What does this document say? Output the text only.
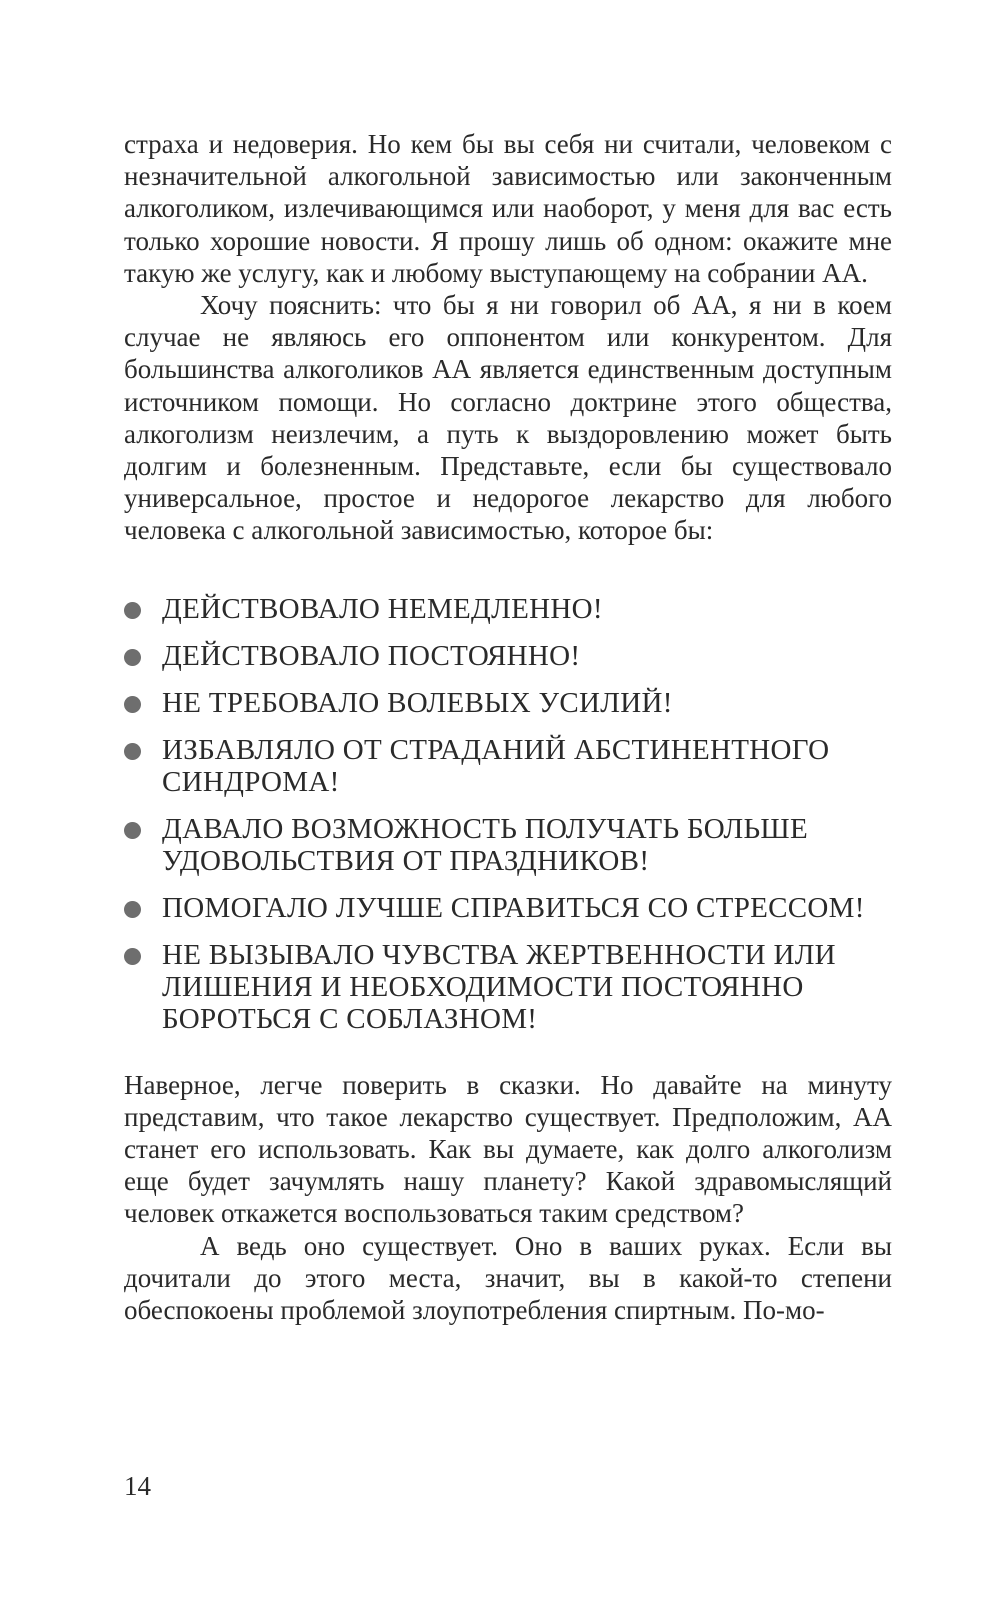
страха и недоверия. Но кем бы вы себя ни считали, человеком с незначительной алкогольной зависимостью или законченным алкоголиком, излечивающимся или наоборот, у меня для вас есть только хорошие новости. Я прошу лишь об одном: окажите мне такую же услугу, как и любому выступающему на собрании АА.

Хочу пояснить: что бы я ни говорил об АА, я ни в коем случае не являюсь его оппонентом или конкурентом. Для большинства алкоголиков АА является единственным доступным источником помощи. Но согласно доктрине этого общества, алкоголизм неизлечим, а путь к выздоровлению может быть долгим и болезненным. Представьте, если бы существовало универсальное, простое и недорогое лекарство для любого человека с алкогольной зависимостью, которое бы:

ДЕЙСТВОВАЛО НЕМЕДЛЕННО!
ДЕЙСТВОВАЛО ПОСТОЯННО!
НЕ ТРЕБОВАЛО ВОЛЕВЫХ УСИЛИЙ!
ИЗБАВЛЯЛО ОТ СТРАДАНИЙ АБСТИНЕНТНОГО СИНДРОМА!
ДАВАЛО ВОЗМОЖНОСТЬ ПОЛУЧАТЬ БОЛЬШЕ УДОВОЛЬСТВИЯ ОТ ПРАЗДНИКОВ!
ПОМОГАЛО ЛУЧШЕ СПРАВИТЬСЯ СО СТРЕССОМ!
НЕ ВЫЗЫВАЛО ЧУВСТВА ЖЕРТВЕННОСТИ ИЛИ ЛИШЕНИЯ И НЕОБХОДИМОСТИ ПОСТОЯННО БОРОТЬСЯ С СОБЛАЗНОМ!

Наверное, легче поверить в сказки. Но давайте на минуту представим, что такое лекарство существует. Предположим, АА станет его использовать. Как вы думаете, как долго алкоголизм еще будет зачумлять нашу планету? Какой здравомыслящий человек откажется воспользоваться таким средством?

А ведь оно существует. Оно в ваших руках. Если вы дочитали до этого места, значит, вы в какой-то степени обеспокоены проблемой злоупотребления спиртным. По-мо-

14
